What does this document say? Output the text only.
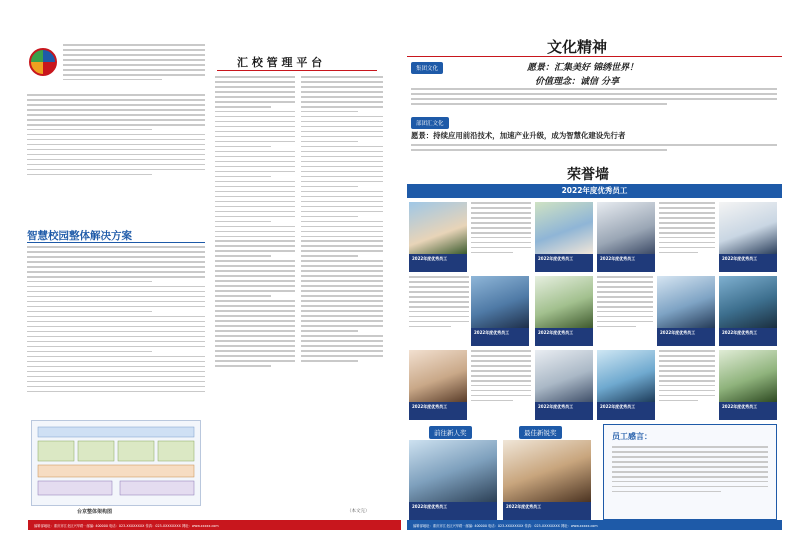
汇 校 管 理 平 台
智慧校园整体解决方案
台京整体架构图	（本文完）
编辑部地址：重庆市江北区兴华路 · 邮编: 400000 电话：023-XXXXXXXX 传真：023-XXXXXXXX 网址：www.xxxxx.com
文化精神
集团文化	愿景：汇集美好 锦绣世界！
价值理念：诚信 分享
部团汇文化
愿景：持续应用前沿技术，加速产业升级，成为智慧化建设先行者
荣誉墙
2022年度优秀员工
2022年度优秀员工	2022年度优秀员工	2022年度优秀员工	2022年度优秀员工
2022年度优秀员工	2022年度优秀员工	2022年度优秀员工	2022年度优秀员工
2022年度优秀员工	2022年度优秀员工	2022年度优秀员工	2022年度优秀员工
前往新人奖	最佳新锐奖
2022年度优秀员工	2022年度优秀员工
员工感言：
编辑部地址：重庆市江北区兴华路 · 邮编: 400000 电话：023-XXXXXXXX 传真：023-XXXXXXXX 网址：www.xxxxx.com
